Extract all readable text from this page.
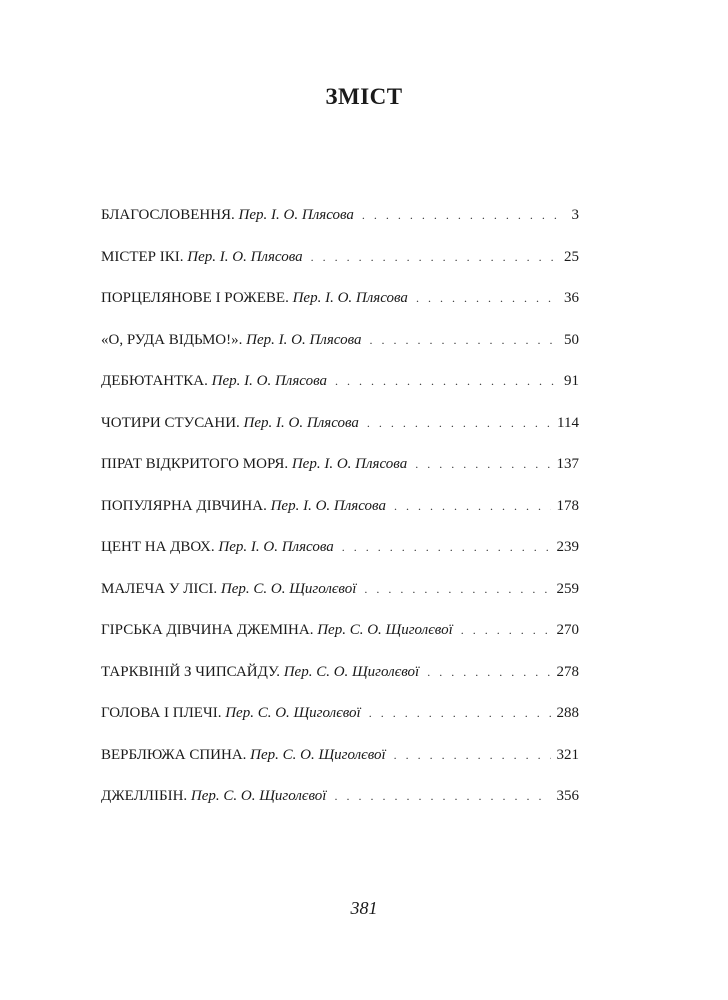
ЗМІСТ
БЛАГОСЛОВЕННЯ. Пер. І. О. Плясова . . .	3
МІСТЕР ІКІ. Пер. І. О. Плясова . . .	25
ПОРЦЕЛЯНОВЕ І РОЖЕВЕ. Пер. І. О. Плясова . . .	36
«О, РУДА ВІДЬМО!». Пер. І. О. Плясова . . .	50
ДЕБЮТАНТКА. Пер. І. О. Плясова . . .	91
ЧОТИРИ СТУСАНИ. Пер. І. О. Плясова . . .	114
ПІРАТ ВІДКРИТОГО МОРЯ. Пер. І. О. Плясова . . .	137
ПОПУЛЯРНА ДІВЧИНА. Пер. І. О. Плясова . . .	178
ЦЕНТ НА ДВОХ. Пер. І. О. Плясова . . .	239
МАЛЕЧА У ЛІСІ. Пер. С. О. Щиголєвої . . .	259
ГІРСЬКА ДІВЧИНА ДЖЕМІНА. Пер. С. О. Щиголєвої . . .	270
ТАРКВІНІЙ З ЧИПСАЙДУ. Пер. С. О. Щиголєвої . . .	278
ГОЛОВА І ПЛЕЧІ. Пер. С. О. Щиголєвої . . .	288
ВЕРБЛЮЖА СПИНА. Пер. С. О. Щиголєвої . . .	321
ДЖЕЛЛІБІН. Пер. С. О. Щиголєвої . . .	356
381
